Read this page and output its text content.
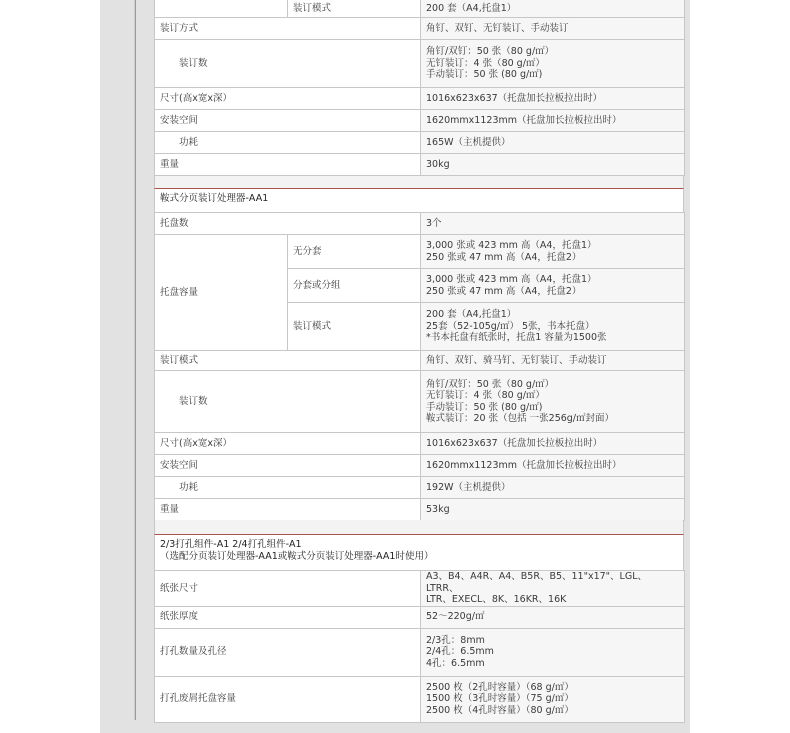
装订模式	200 套（A4,托盘1）
装订方式	角钉、双钉、无钉装订、手动装订
装订数	角钉/双钉：50 张（80 g/㎡）
无钉装订：4 张（80 g/㎡）
手动装订：50 张 (80 g/㎡)

尺寸(高x宽x深）	1016x623x637（托盘加长拉板拉出时）
安装空间	1620mmx1123mm（托盘加长拉板拉出时）
功耗	165W（主机提供）
重量	30kg
鞍式分页装订处理器-AA1
托盘数		3个
托盘容量	无分套	3,000 张或 423 mm 高（A4，托盘1）
250 张或 47 mm 高（A4，托盘2）

	分套或分组	3,000 张或 423 mm 高（A4，托盘1）
250 张或 47 mm 高（A4，托盘2）

	装订模式	200 套（A4,托盘1）
25套（52-105g/㎡） 5张，书本托盘）
*书本托盘有纸张时，托盘1 容量为1500张

装订模式		角钉、双钉、骑马钉、无钉装订、手动装订
装订数		角钉/双钉：50 张（80 g/㎡）
无钉装订：4 张（80 g/㎡）
手动装订：50 张 (80 g/㎡)
鞍式装订：20 张（包括 一张256g/㎡封面）

尺寸(高x宽x深）		1016x623x637（托盘加长拉板拉出时）
安装空间		1620mmx1123mm（托盘加长拉板拉出时）
功耗		192W（主机提供）
重量		53kg
2/3打孔组件-A1 2/4打孔组件-A1
（选配分页装订处理器-AA1或鞍式分页装订处理器-AA1时使用）
纸张尺寸	A3、B4、A4R、A4、B5R、B5、11"x17"、LGL、LTRR、
LTR、EXECL、8K、16KR、16K

纸张厚度	52～220g/㎡
打孔数量及孔径	2/3孔：8mm
2/4孔：6.5mm
4孔：6.5mm

打孔废屑托盘容量	2500 枚（2孔时容量）（68 g/㎡）
1500 枚（3孔时容量）（75 g/㎡）
2500 枚（4孔时容量）（80 g/㎡）
